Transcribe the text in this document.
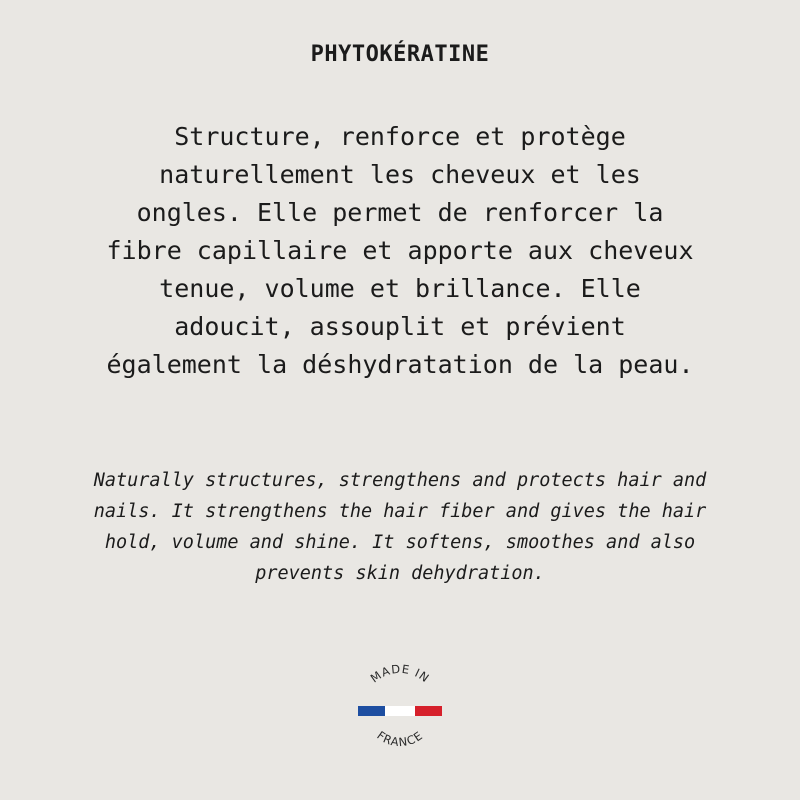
PHYTOKÉRATINE
Structure, renforce et protège naturellement les cheveux et les ongles. Elle permet de renforcer la fibre capillaire et apporte aux cheveux tenue, volume et brillance. Elle adoucit, assouplit et prévient également la déshydratation de la peau.
Naturally structures, strengthens and protects hair and nails. It strengthens the hair fiber and gives the hair hold, volume and shine. It softens, smoothes and also prevents skin dehydration.
MADE IN
FRANCE
